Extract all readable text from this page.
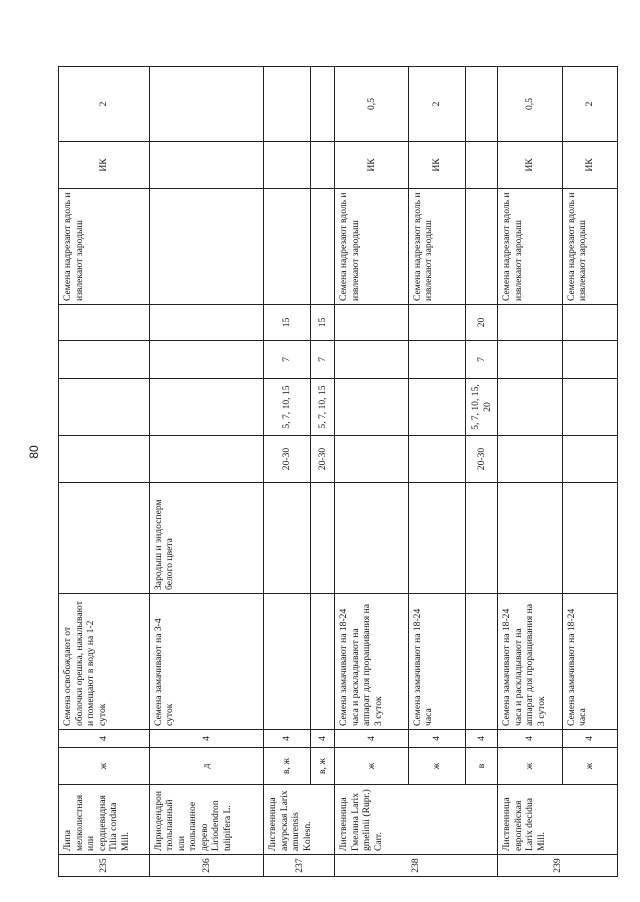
80
235	Липа мелколистная или сердцевидная Tilia cordata Mill.	ж	4	Семена освобождают от оболочки орешка, накалывают и помещают в воду на 1-2 суток						Семена надрезают вдоль и извлекают зародыш	ИК	2
236	Лириодендрон тюльпанный или тюльпанное дерево Liriodendron tulipifera L.	д	4	Семена замачивают на 3-4 суток	Зародыш и эндосперм белого цвета							
237	Лиственница амурская Larix amurensis Kolesn.	в, ж	4			20-30	5, 7, 10, 15	7	15			
		в, ж	4			20-30	5, 7, 10, 15	7	15			
238	Лиственница Гмелина Larix gmelinii (Rupr.) Carr.	ж	4	Семена замачивают на 18-24 часа и раскладывают на аппарат для проращивания на 3 суток						Семена надрезают вдоль и извлекают зародыш	ИК	0,5
		ж	4	Семена замачивают на 18-24 часа						Семена надрезают вдоль и извлекают зародыш	ИК	2
		в	4			20-30	5, 7, 10, 15, 20	7	20			
239	Лиственница европейская Larix decidua Mill.	ж	4	Семена замачивают на 18-24 часа и раскладывают на аппарат для проращивания на 3 суток						Семена надрезают вдоль и извлекают зародыш	ИК	0,5
		ж	4	Семена замачивают на 18-24 часа						Семена надрезают вдоль и извлекают зародыш	ИК	2
